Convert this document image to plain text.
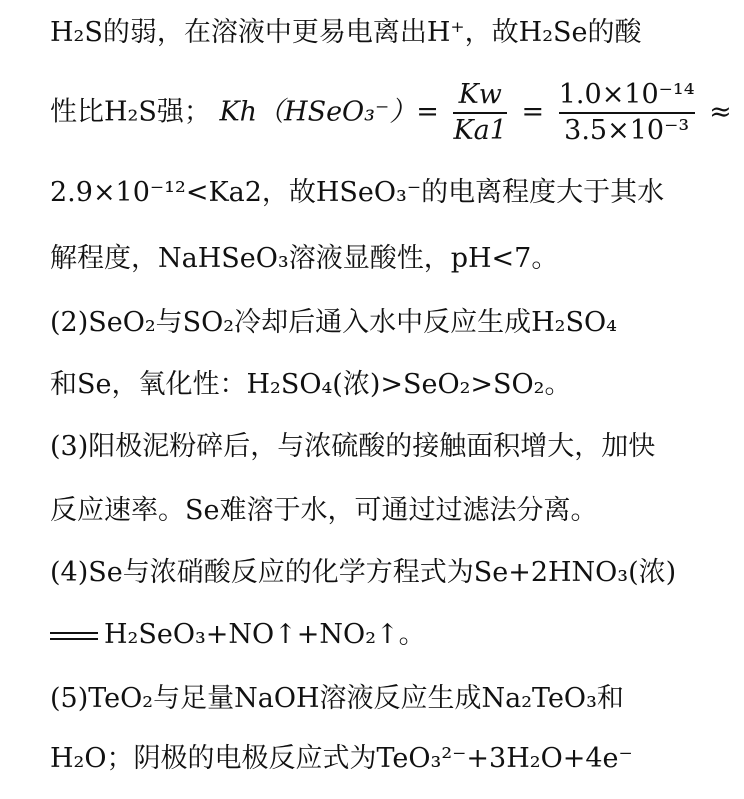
H₂S的弱，在溶液中更易电离出H⁺，故H₂Se的酸
性比H₂S强； Kh（HSeO₃⁻）= $\frac{Kw}{Ka1} = \frac{\text{1.0×10⁻¹⁴}}{\text{3.5×10⁻³}}$ ≈
2.9×10⁻¹²<Ka2，故HSeO₃⁻的电离程度大于其水
解程度，NaHSeO₃溶液显酸性，pH<7。
(2)SeO₂与SO₂冷却后通入水中反应生成H₂SO₄
和Se，氧化性：H₂SO₄(浓)>SeO₂>SO₂。
(3)阳极泥粉碎后，与浓硫酸的接触面积增大，加快
反应速率。Se难溶于水，可通过过滤法分离。
(4)Se与浓硝酸反应的化学方程式为Se+2HNO₃(浓)
H₂SeO₃+NO↑+NO₂↑。
(5)TeO₂与足量NaOH溶液反应生成Na₂TeO₃和
H₂O；阴极的电极反应式为TeO₃²⁻+3H₂O+4e⁻
